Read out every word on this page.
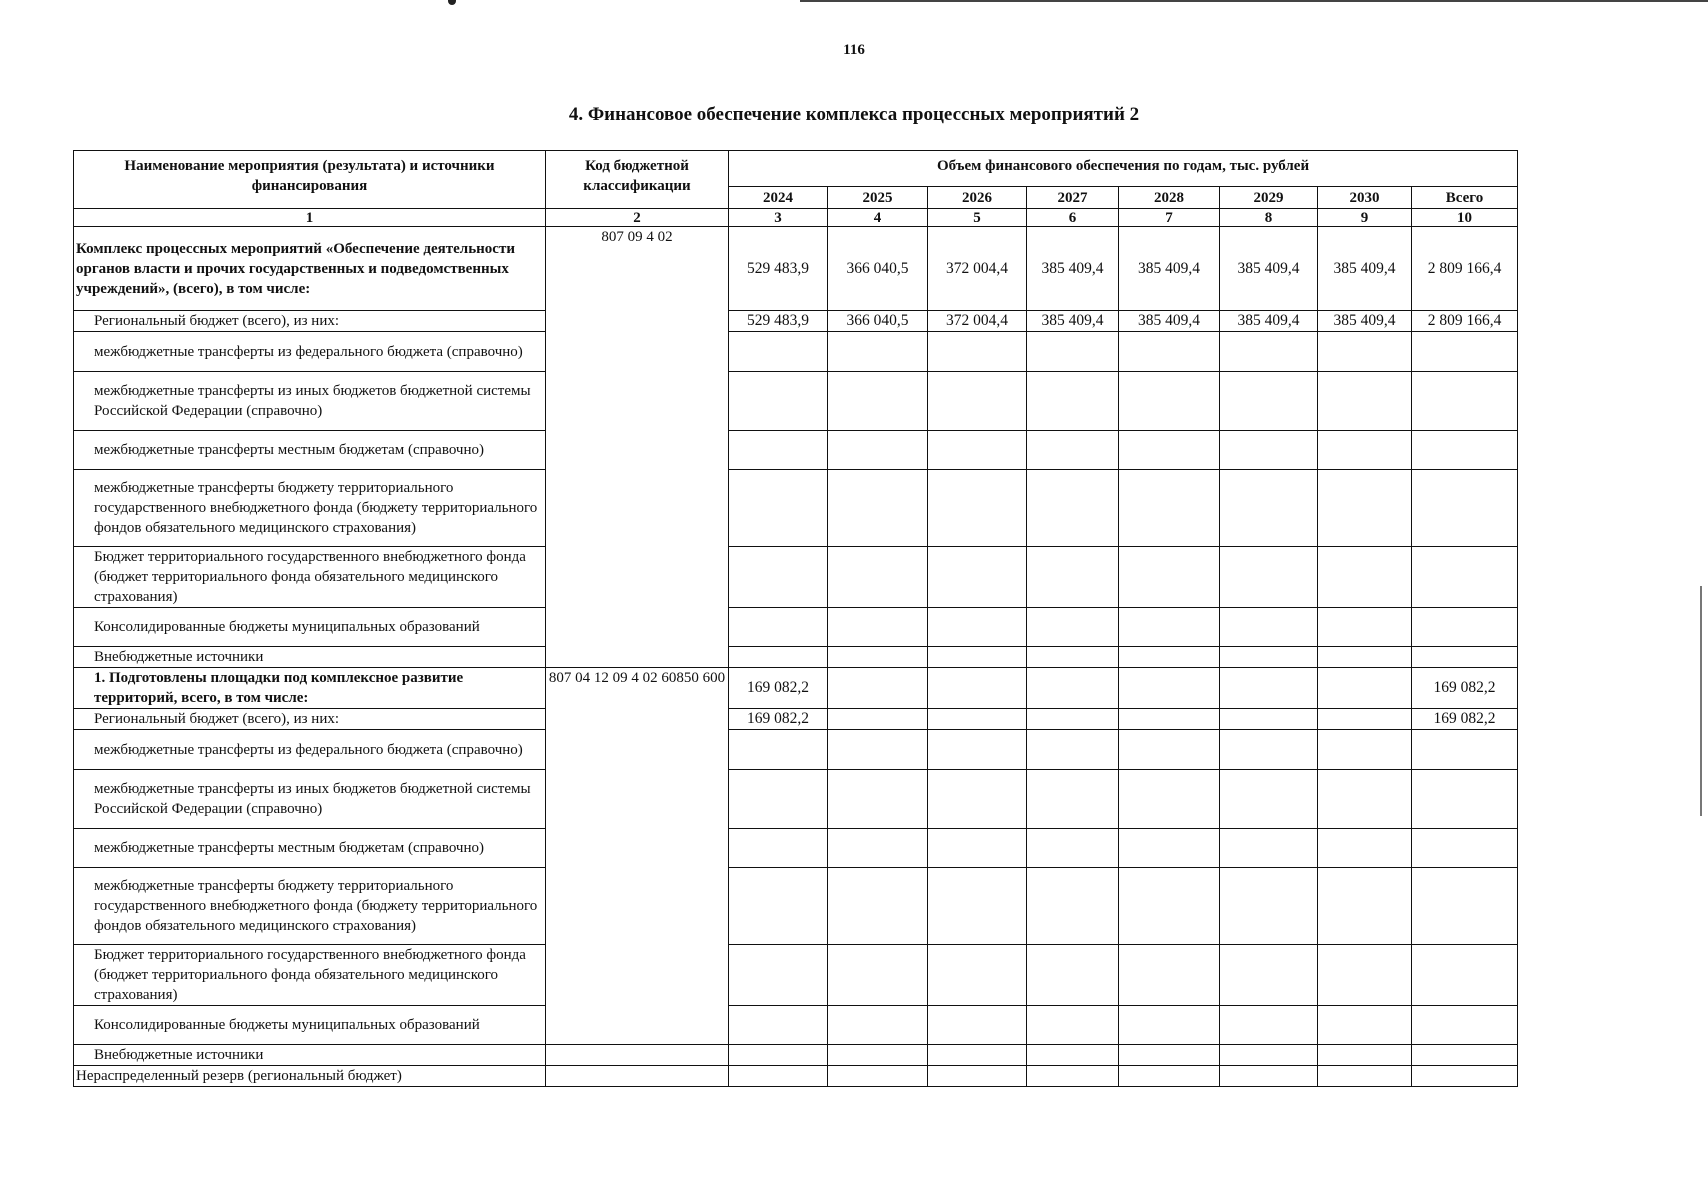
116
4. Финансовое обеспечение комплекса процессных мероприятий 2
Наименование мероприятия (результата) и источники финансирования	Код бюджетной классификации	Объем финансового обеспечения по годам, тыс. рублей							
		2024	2025	2026	2027	2028	2029	2030	Всего
1	2	3	4	5	6	7	8	9	10
Комплекс процессных мероприятий «Обеспечение деятельности органов власти и прочих государственных и подведомственных учреждений», (всего), в том числе:	807 09 4 02	529 483,9	366 040,5	372 004,4	385 409,4	385 409,4	385 409,4	385 409,4	2 809 166,4
Региональный бюджет (всего), из них:		529 483,9	366 040,5	372 004,4	385 409,4	385 409,4	385 409,4	385 409,4	2 809 166,4
межбюджетные трансферты из федерального бюджета (справочно)									
межбюджетные трансферты из иных бюджетов бюджетной системы Российской Федерации (справочно)									
межбюджетные трансферты местным бюджетам (справочно)									
межбюджетные трансферты бюджету территориального государственного внебюджетного фонда (бюджету территориального фондов обязательного медицинского страхования)									
Бюджет территориального государственного внебюджетного фонда (бюджет территориального фонда обязательного медицинского страхования)									
Консолидированные бюджеты муниципальных образований									
Внебюджетные источники									
1. Подготовлены площадки под комплексное развитие территорий, всего, в том числе:	807 04 12 09 4 02 60850 600	169 082,2							169 082,2
Региональный бюджет (всего), из них:		169 082,2							169 082,2
межбюджетные трансферты из федерального бюджета (справочно)									
межбюджетные трансферты из иных бюджетов бюджетной системы Российской Федерации (справочно)									
межбюджетные трансферты местным бюджетам (справочно)									
межбюджетные трансферты бюджету территориального государственного внебюджетного фонда (бюджету территориального фондов обязательного медицинского страхования)									
Бюджет территориального государственного внебюджетного фонда (бюджет территориального фонда обязательного медицинского страхования)									
Консолидированные бюджеты муниципальных образований									
Внебюджетные источники									
Нераспределенный резерв (региональный бюджет)									
